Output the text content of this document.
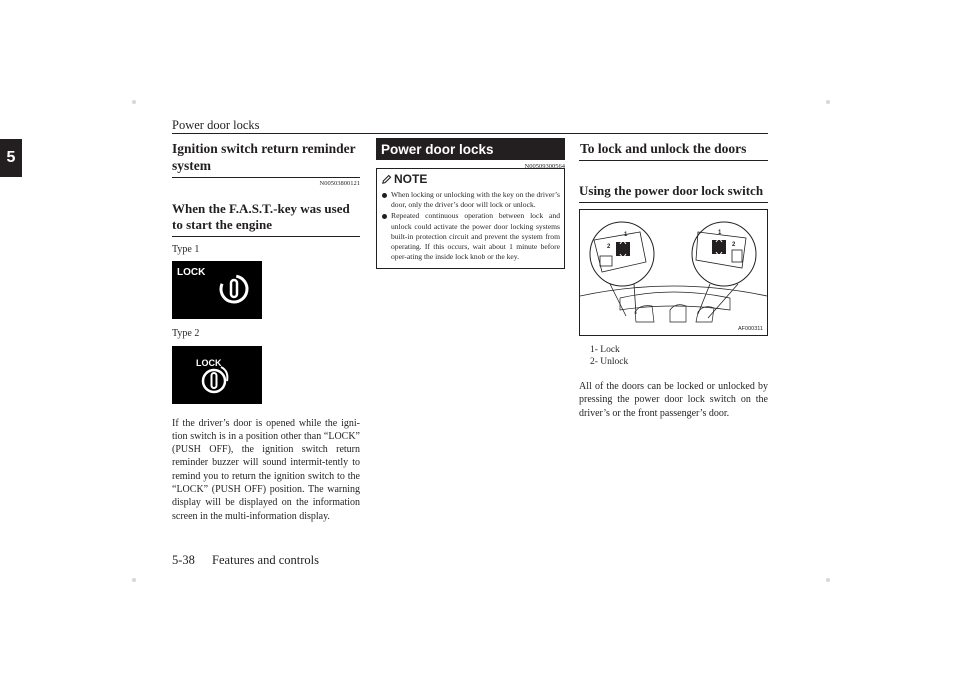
Power door locks
5
Ignition switch return reminder system
N00503800121
When the F.A.S.T.-key was used to start the engine
Type 1
LOCK
Type 2
LOCK
If the driver’s door is opened while the igni-tion switch is in a position other than “LOCK” (PUSH OFF), the ignition switch return reminder buzzer will sound intermit-tently to remind you to return the ignition switch to the “LOCK” (PUSH OFF) position. The warning display will be displayed on the information screen in the multi-information display.
Power door locks
N00509300564
NOTE
When locking or unlocking with the key on the driver’s door, only the driver’s door will lock or unlock.
Repeated continuous operation between lock and unlock could activate the power door locking systems built-in protection circuit and prevent the system from operating. If this occurs, wait about 1 minute before oper-ating the inside lock knob or the key.
To lock and unlock the doors
Using the power door lock switch
2
1	1
2
AF000311
1- Lock
2- Unlock
All of the doors can be locked or unlocked by pressing the power door lock switch on the driver’s or the front passenger’s door.
5-38 Features and controls
